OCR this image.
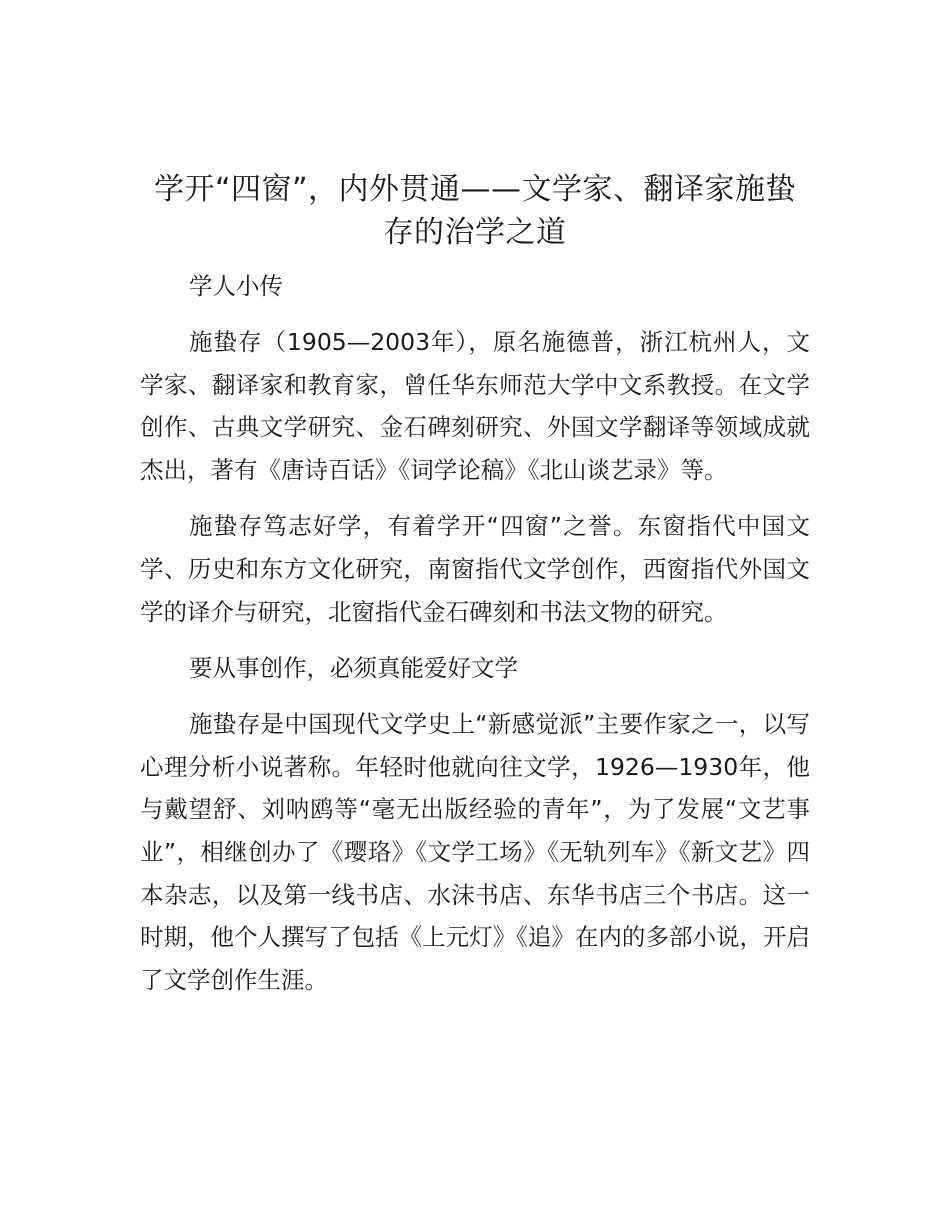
学开“四窗”，内外贯通——文学家、翻译家施蛰存的治学之道

学人小传

施蛰存（1905—2003年），原名施德普，浙江杭州人，文学家、翻译家和教育家，曾任华东师范大学中文系教授。在文学创作、古典文学研究、金石碑刻研究、外国文学翻译等领域成就杰出，著有《唐诗百话》《词学论稿》《北山谈艺录》等。

施蛰存笃志好学，有着学开“四窗”之誉。东窗指代中国文学、历史和东方文化研究，南窗指代文学创作，西窗指代外国文学的译介与研究，北窗指代金石碑刻和书法文物的研究。

要从事创作，必须真能爱好文学

施蛰存是中国现代文学史上“新感觉派”主要作家之一，以写心理分析小说著称。年轻时他就向往文学，1926—1930年，他与戴望舒、刘呐鸥等“毫无出版经验的青年”，为了发展“文艺事业”，相继创办了《璎珞》《文学工场》《无轨列车》《新文艺》四本杂志，以及第一线书店、水沫书店、东华书店三个书店。这一时期，他个人撰写了包括《上元灯》《追》在内的多部小说，开启了文学创作生涯。
